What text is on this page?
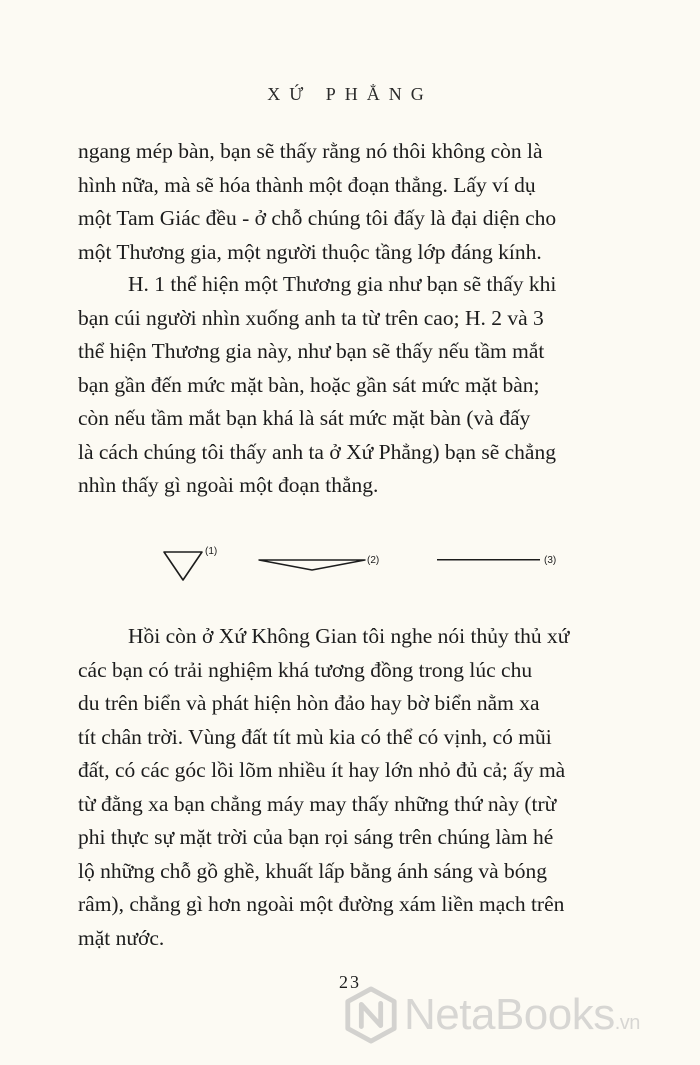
XỨ PHẲNG

ngang mép bàn, bạn sẽ thấy rằng nó thôi không còn là
hình nữa, mà sẽ hóa thành một đoạn thẳng. Lấy ví dụ
một Tam Giác đều - ở chỗ chúng tôi đấy là đại diện cho
một Thương gia, một người thuộc tầng lớp đáng kính.

H. 1 thể hiện một Thương gia như bạn sẽ thấy khi
bạn cúi người nhìn xuống anh ta từ trên cao; H. 2 và 3
thể hiện Thương gia này, như bạn sẽ thấy nếu tầm mắt
bạn gần đến mức mặt bàn, hoặc gần sát mức mặt bàn;
còn nếu tầm mắt bạn khá là sát mức mặt bàn (và đấy
là cách chúng tôi thấy anh ta ở Xứ Phẳng) bạn sẽ chẳng
nhìn thấy gì ngoài một đoạn thẳng.

(1)
(2)	(3)

Hồi còn ở Xứ Không Gian tôi nghe nói thủy thủ xứ
các bạn có trải nghiệm khá tương đồng trong lúc chu
du trên biển và phát hiện hòn đảo hay bờ biển nằm xa
tít chân trời. Vùng đất tít mù kia có thể có vịnh, có mũi
đất, có các góc lồi lõm nhiều ít hay lớn nhỏ đủ cả; ấy mà
từ đằng xa bạn chẳng máy may thấy những thứ này (trừ
phi thực sự mặt trời của bạn rọi sáng trên chúng làm hé
lộ những chỗ gồ ghề, khuất lấp bằng ánh sáng và bóng
râm), chẳng gì hơn ngoài một đường xám liền mạch trên
mặt nước.

23
NetaBooks.vn
